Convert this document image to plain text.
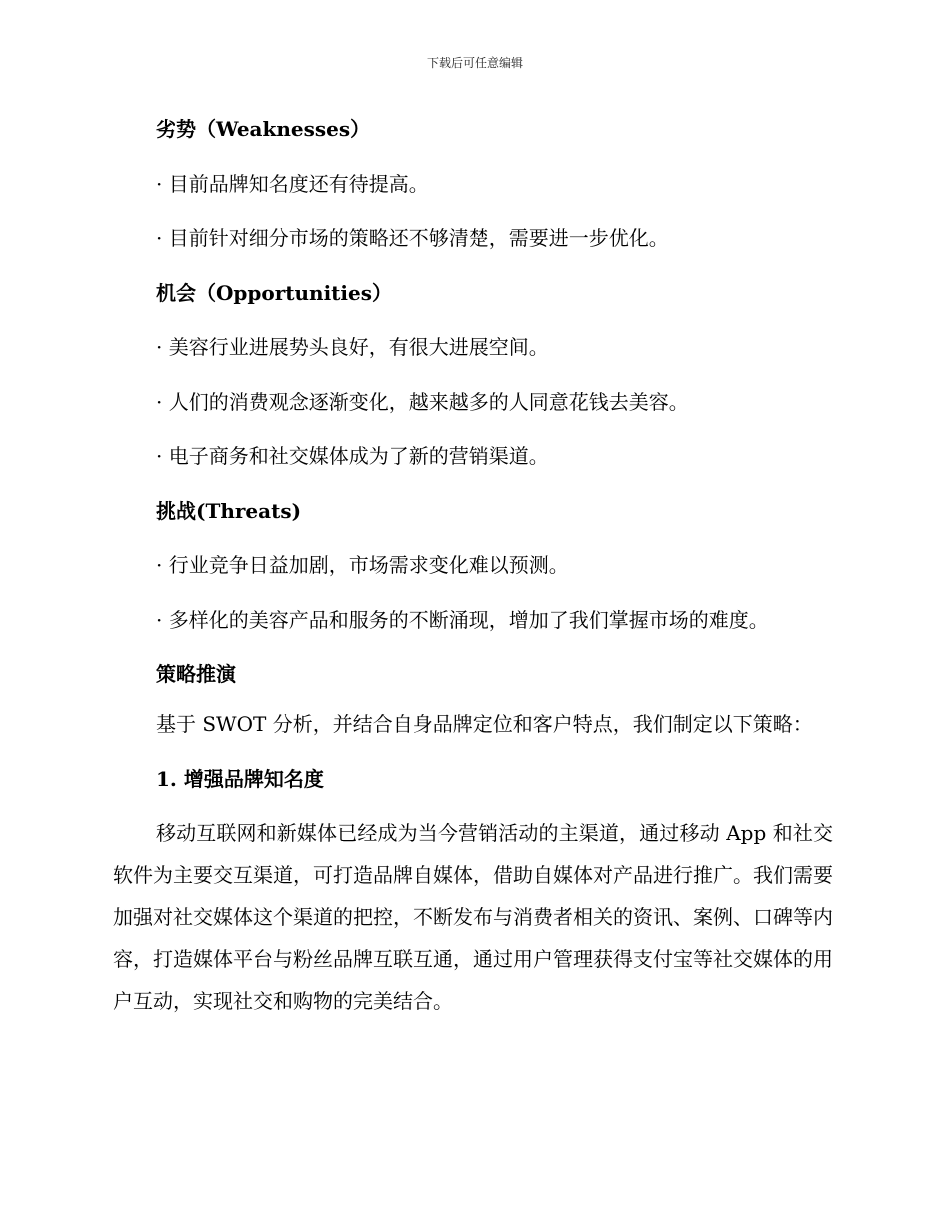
下载后可任意编辑
劣势（Weaknesses）
· 目前品牌知名度还有待提高。
· 目前针对细分市场的策略还不够清楚，需要进一步优化。
机会（Opportunities）
· 美容行业进展势头良好，有很大进展空间。
· 人们的消费观念逐渐变化，越来越多的人同意花钱去美容。
· 电子商务和社交媒体成为了新的营销渠道。
挑战(Threats)
· 行业竞争日益加剧，市场需求变化难以预测。
· 多样化的美容产品和服务的不断涌现，增加了我们掌握市场的难度。
策略推演
基于 SWOT 分析，并结合自身品牌定位和客户特点，我们制定以下策略：
1. 增强品牌知名度
移动互联网和新媒体已经成为当今营销活动的主渠道，通过移动 App 和社交软件为主要交互渠道，可打造品牌自媒体，借助自媒体对产品进行推广。我们需要加强对社交媒体这个渠道的把控，不断发布与消费者相关的资讯、案例、口碑等内容，打造媒体平台与粉丝品牌互联互通，通过用户管理获得支付宝等社交媒体的用户互动，实现社交和购物的完美结合。
